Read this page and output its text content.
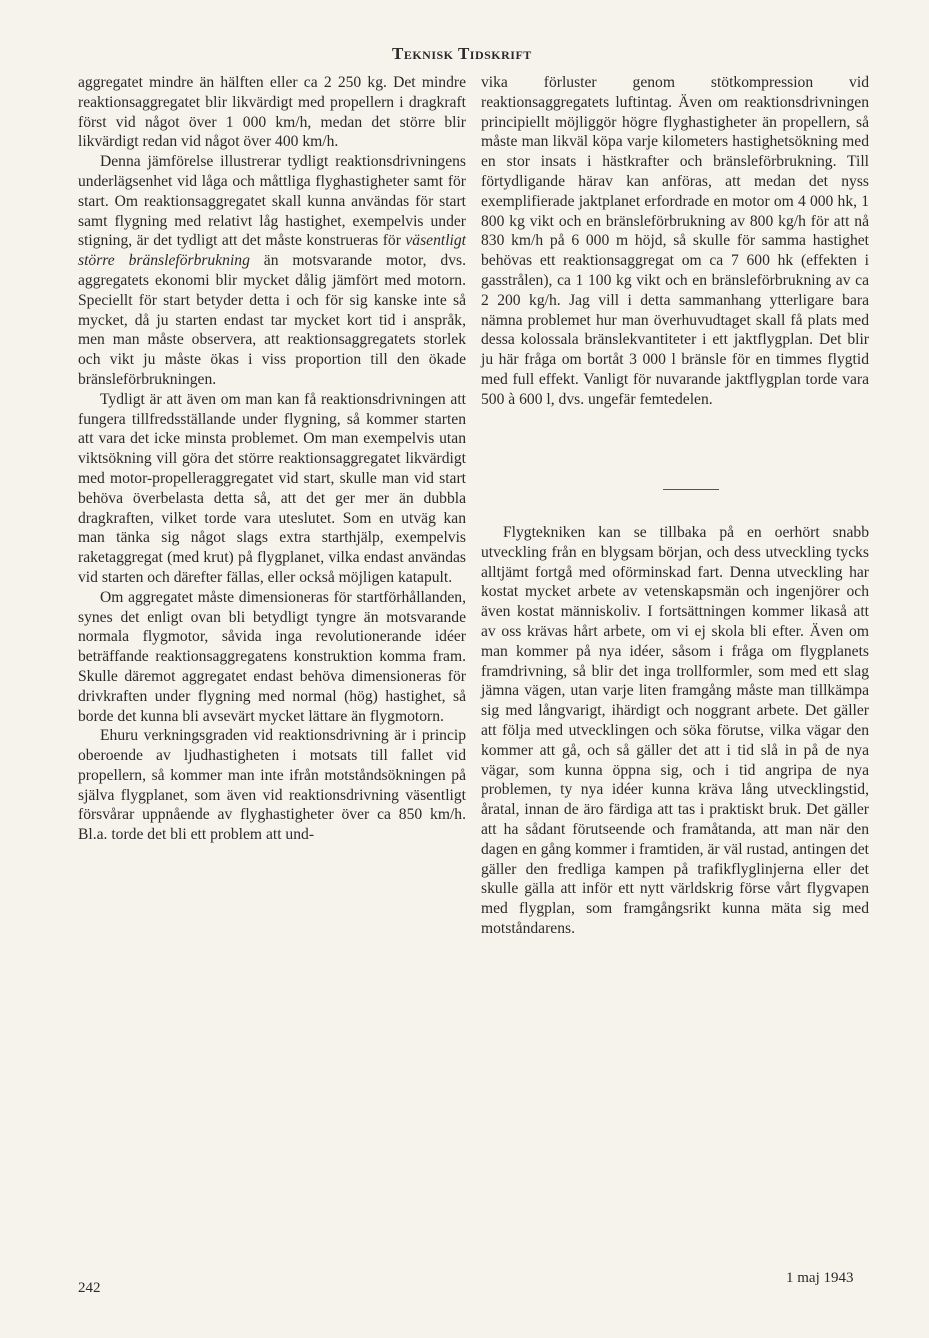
Teknisk Tidskrift

aggregatet mindre än hälften eller ca 2 250 kg. Det mindre reaktionsaggregatet blir likvärdigt med propellern i dragkraft först vid något över 1 000 km/h, medan det större blir likvärdigt redan vid något över 400 km/h.

Denna jämförelse illustrerar tydligt reaktionsdrivningens underlägsenhet vid låga och måttliga flyghastigheter samt för start. Om reaktionsaggregatet skall kunna användas för start samt flygning med relativt låg hastighet, exempelvis under stigning, är det tydligt att det måste konstrueras för väsentligt större bränsleförbrukning än motsvarande motor, dvs. aggregatets ekonomi blir mycket dålig jämfört med motorn. Speciellt för start betyder detta i och för sig kanske inte så mycket, då ju starten endast tar mycket kort tid i anspråk, men man måste observera, att reaktionsaggregatets storlek och vikt ju måste ökas i viss proportion till den ökade bränsleförbrukningen.

Tydligt är att även om man kan få reaktionsdrivningen att fungera tillfredsställande under flygning, så kommer starten att vara det icke minsta problemet. Om man exempelvis utan viktsökning vill göra det större reaktionsaggregatet likvärdigt med motor-propelleraggregatet vid start, skulle man vid start behöva överbelasta detta så, att det ger mer än dubbla dragkraften, vilket torde vara uteslutet. Som en utväg kan man tänka sig något slags extra starthjälp, exempelvis raketaggregat (med krut) på flygplanet, vilka endast användas vid starten och därefter fällas, eller också möjligen katapult.

Om aggregatet måste dimensioneras för startförhållanden, synes det enligt ovan bli betydligt tyngre än motsvarande normala flygmotor, såvida inga revolutionerande idéer beträffande reaktionsaggregatens konstruktion komma fram. Skulle däremot aggregatet endast behöva dimensioneras för drivkraften under flygning med normal (hög) hastighet, så borde det kunna bli avsevärt mycket lättare än flygmotorn.

Ehuru verkningsgraden vid reaktionsdrivning är i princip oberoende av ljudhastigheten i motsats till fallet vid propellern, så kommer man inte ifrån motståndsökningen på själva flygplanet, som även vid reaktionsdrivning väsentligt försvårar uppnående av flyghastigheter över ca 850 km/h. Bl.a. torde det bli ett problem att und-

vika förluster genom stötkompression vid reaktionsaggregatets luftintag. Även om reaktionsdrivningen principiellt möjliggör högre flyghastigheter än propellern, så måste man likväl köpa varje kilometers hastighetsökning med en stor insats i hästkrafter och bränsleförbrukning. Till förtydligande härav kan anföras, att medan det nyss exemplifierade jaktplanet erfordrade en motor om 4 000 hk, 1 800 kg vikt och en bränsleförbrukning av 800 kg/h för att nå 830 km/h på 6 000 m höjd, så skulle för samma hastighet behövas ett reaktionsaggregat om ca 7 600 hk (effekten i gasstrålen), ca 1 100 kg vikt och en bränsleförbrukning av ca 2 200 kg/h. Jag vill i detta sammanhang ytterligare bara nämna problemet hur man överhuvudtaget skall få plats med dessa kolossala bränslekvantiteter i ett jaktflygplan. Det blir ju här fråga om bortåt 3 000 l bränsle för en timmes flygtid med full effekt. Vanligt för nuvarande jaktflygplan torde vara 500 à 600 l, dvs. ungefär femtedelen.

Flygtekniken kan se tillbaka på en oerhört snabb utveckling från en blygsam början, och dess utveckling tycks alltjämt fortgå med oförminskad fart. Denna utveckling har kostat mycket arbete av vetenskapsmän och ingenjörer och även kostat människoliv. I fortsättningen kommer likaså att av oss krävas hårt arbete, om vi ej skola bli efter. Även om man kommer på nya idéer, såsom i fråga om flygplanets framdrivning, så blir det inga trollformler, som med ett slag jämna vägen, utan varje liten framgång måste man tillkämpa sig med långvarigt, ihärdigt och noggrant arbete. Det gäller att följa med utvecklingen och söka förutse, vilka vägar den kommer att gå, och så gäller det att i tid slå in på de nya vägar, som kunna öppna sig, och i tid angripa de nya problemen, ty nya idéer kunna kräva lång utvecklingstid, åratal, innan de äro färdiga att tas i praktiskt bruk. Det gäller att ha sådant förutseende och framåtanda, att man när den dagen en gång kommer i framtiden, är väl rustad, antingen det gäller den fredliga kampen på trafikflyglinjerna eller det skulle gälla att inför ett nytt världskrig förse vårt flygvapen med flygplan, som framgångsrikt kunna mäta sig med motståndarens.

242
1 maj 1943
